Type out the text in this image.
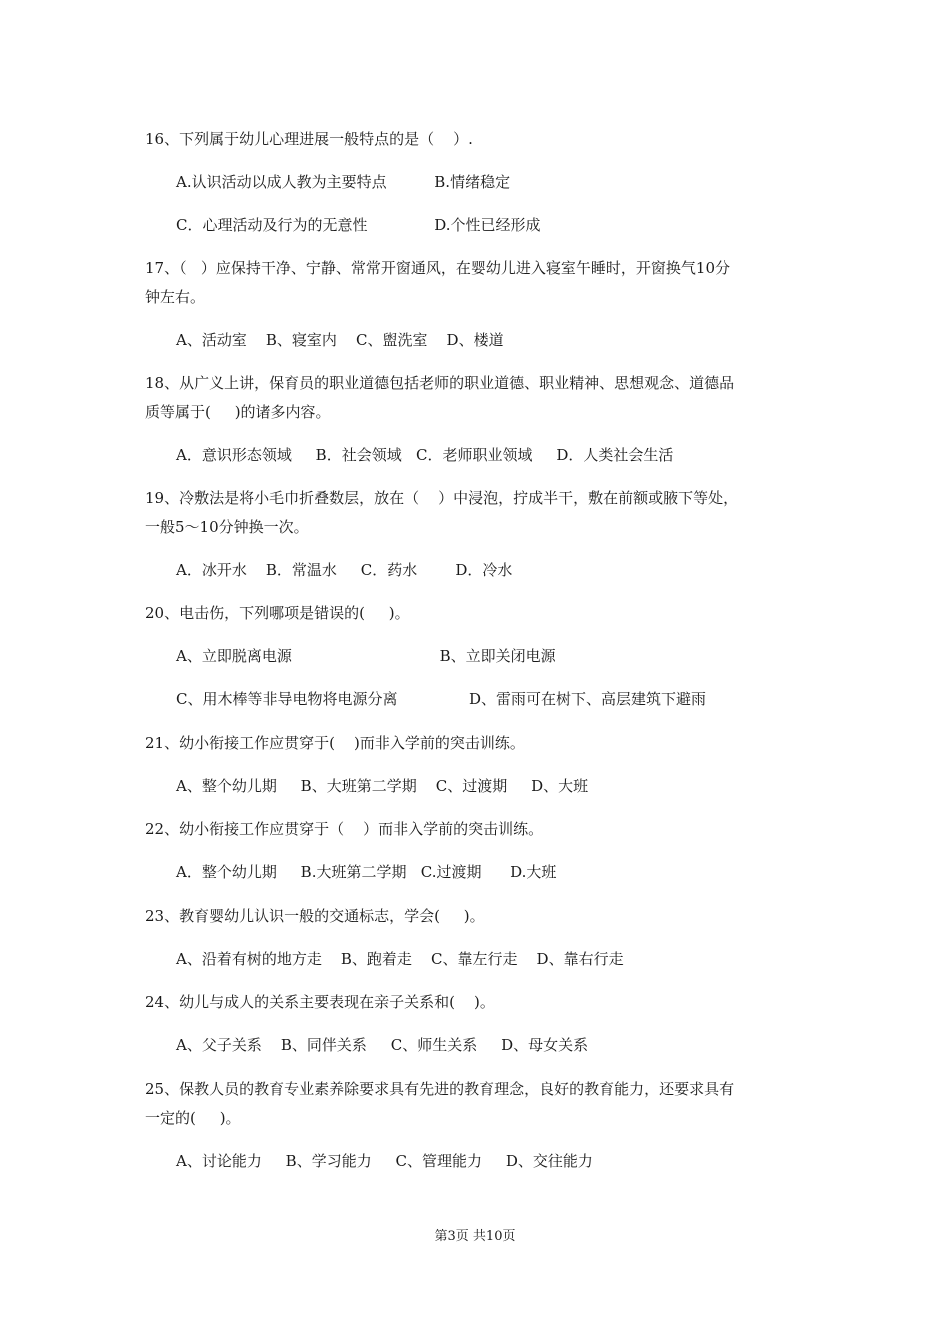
16、下列属于幼儿心理进展一般特点的是（    ）.
A.认识活动以成人教为主要特点          B.情绪稳定
C．心理活动及行为的无意性              D.个性已经形成
17、（   ）应保持干净、宁静、常常开窗通风，在婴幼儿进入寝室午睡时，开窗换气10分
钟左右。
A、活动室    B、寝室内    C、盥洗室    D、楼道
18、从广义上讲，保育员的职业道德包括老师的职业道德、职业精神、思想观念、道德品
质等属于(     )的诸多内容。
A．意识形态领域     B．社会领域   C．老师职业领域     D．人类社会生活
19、冷敷法是将小毛巾折叠数层，放在（    ）中浸泡，拧成半干，敷在前额或腋下等处，
一般5～10分钟换一次。
A．冰开水    B．常温水     C．药水        D．冷水
20、电击伤，下列哪项是错误的(     )。
A、立即脱离电源                               B、立即关闭电源
C、用木棒等非导电物将电源分离               D、雷雨可在树下、高层建筑下避雨
21、幼小衔接工作应贯穿于(    )而非入学前的突击训练。
A、整个幼儿期     B、大班第二学期    C、过渡期     D、大班
22、幼小衔接工作应贯穿于（    ）而非入学前的突击训练。
A．整个幼儿期     B.大班第二学期   C.过渡期      D.大班
23、教育婴幼儿认识一般的交通标志，学会(     )。
A、沿着有树的地方走    B、跑着走    C、靠左行走    D、靠右行走
24、幼儿与成人的关系主要表现在亲子关系和(    )。
A、父子关系    B、同伴关系     C、师生关系     D、母女关系
25、保教人员的教育专业素养除要求具有先进的教育理念，良好的教育能力，还要求具有
一定的(     )。
A、讨论能力     B、学习能力     C、管理能力     D、交往能力
第3页 共10页
